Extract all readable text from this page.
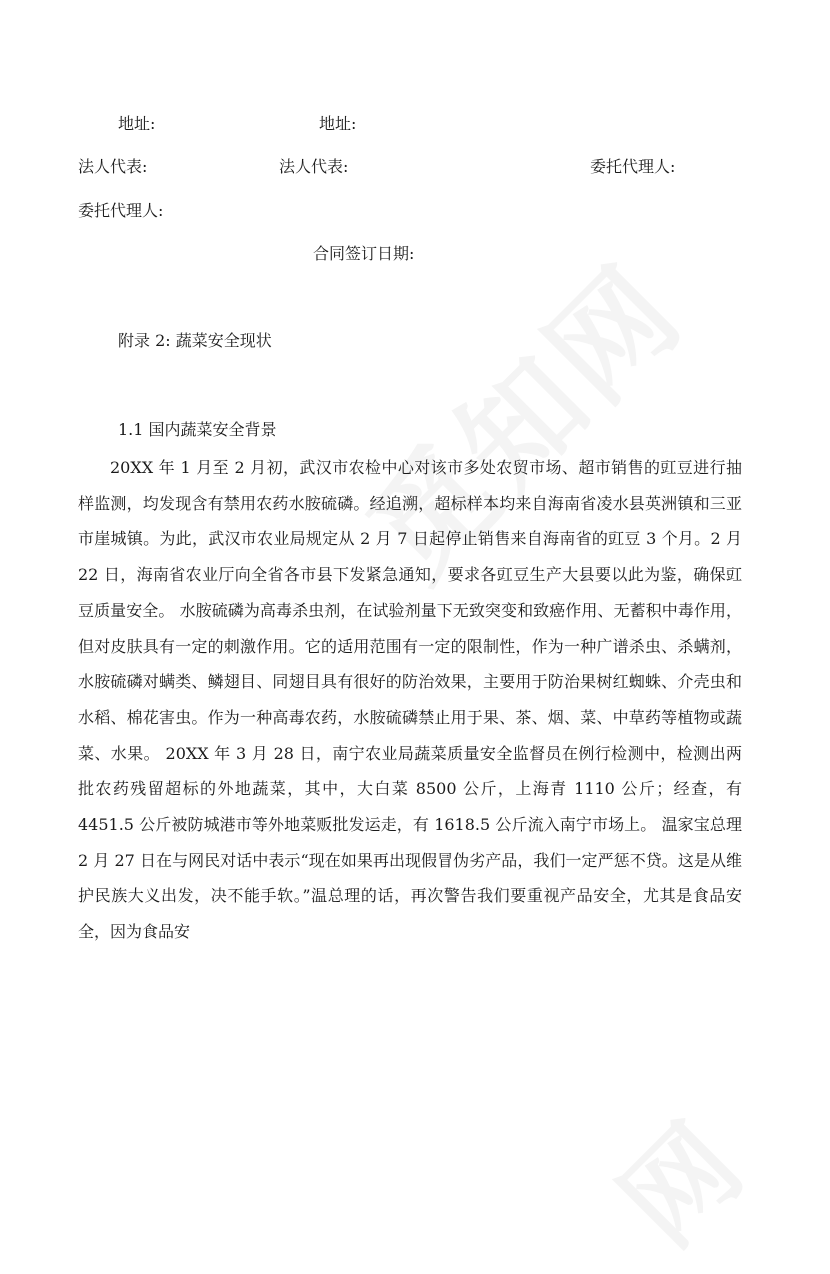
地址:	地址:
法人代表:	法人代表:	委托代理人:
委托代理人:
合同签订日期:
附录 2: 蔬菜安全现状
1.1 国内蔬菜安全背景

20XX 年 1 月至 2 月初，武汉市农检中心对该市多处农贸市场、超市销售的豇豆进行抽样监测，均发现含有禁用农药水胺硫磷。经追溯，超标样本均来自海南省凌水县英洲镇和三亚市崖城镇。为此，武汉市农业局规定从 2 月 7 日起停止销售来自海南省的豇豆 3 个月。2 月 22 日，海南省农业厅向全省各市县下发紧急通知，要求各豇豆生产大县要以此为鉴，确保豇豆质量安全。 水胺硫磷为高毒杀虫剂，在试验剂量下无致突变和致癌作用、无蓄积中毒作用，但对皮肤具有一定的刺激作用。它的适用范围有一定的限制性，作为一种广谱杀虫、杀螨剂，水胺硫磷对螨类、鳞翅目、同翅目具有很好的防治效果，主要用于防治果树红蜘蛛、介壳虫和水稻、棉花害虫。作为一种高毒农药，水胺硫磷禁止用于果、茶、烟、菜、中草药等植物或蔬菜、水果。 20XX 年 3 月 28 日，南宁农业局蔬菜质量安全监督员在例行检测中，检测出两批农药残留超标的外地蔬菜，其中，大白菜 8500 公斤，上海青 1110 公斤；经查，有 4451.5 公斤被防城港市等外地菜贩批发运走，有 1618.5 公斤流入南宁市场上。 温家宝总理 2 月 27 日在与网民对话中表示“现在如果再出现假冒伪劣产品，我们一定严惩不贷。这是从维护民族大义出发，决不能手软。”温总理的话，再次警告我们要重视产品安全，尤其是食品安全，因为食品安
